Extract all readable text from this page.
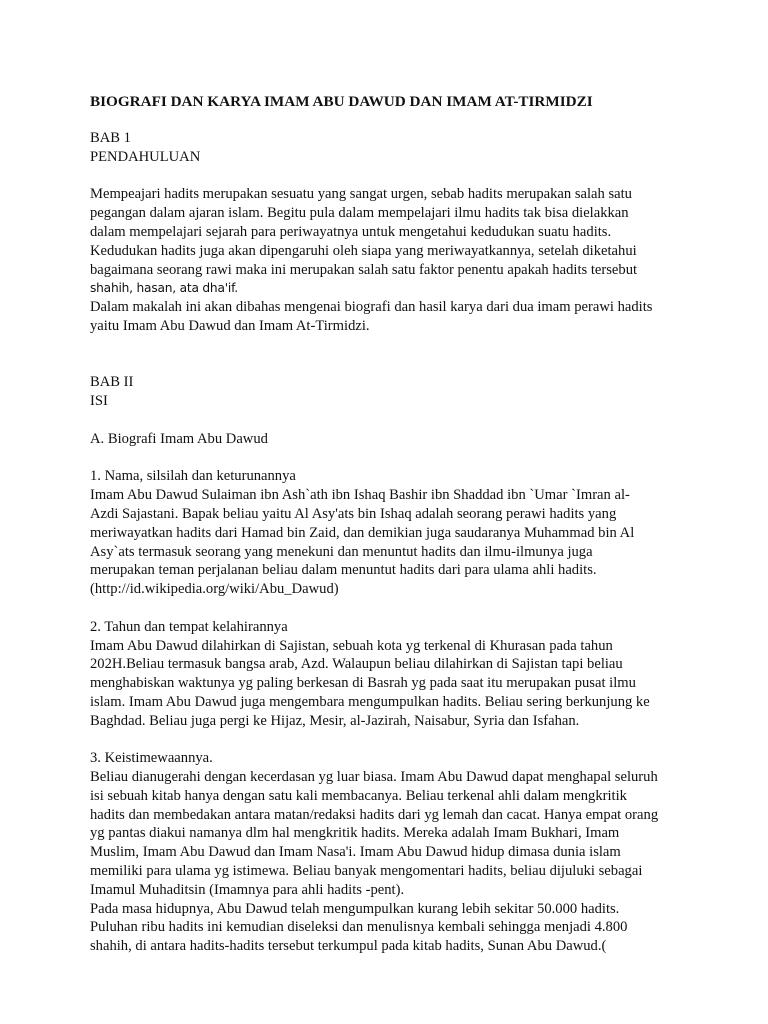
BIOGRAFI DAN KARYA IMAM ABU DAWUD DAN IMAM AT-TIRMIDZI
BAB 1
PENDAHULUAN
Mempeajari hadits merupakan sesuatu yang sangat urgen, sebab hadits merupakan salah satu
pegangan dalam ajaran islam. Begitu pula dalam mempelajari ilmu hadits tak bisa dielakkan
dalam mempelajari sejarah para periwayatnya untuk mengetahui kedudukan suatu hadits.
Kedudukan hadits juga akan dipengaruhi oleh siapa yang meriwayatkannya, setelah diketahui
bagaimana seorang rawi maka ini merupakan salah satu faktor penentu apakah hadits tersebut
shahih, hasan, ata dha'if.
Dalam makalah ini akan dibahas mengenai biografi dan hasil karya dari dua imam perawi hadits
yaitu Imam Abu Dawud dan Imam At-Tirmidzi.
BAB II
ISI
A. Biografi Imam Abu Dawud
1. Nama, silsilah dan keturunannya
Imam Abu Dawud Sulaiman ibn Ash`ath ibn Ishaq Bashir ibn Shaddad ibn `Umar `Imran al-
Azdi Sajastani. Bapak beliau yaitu Al Asy'ats bin Ishaq adalah seorang perawi hadits yang
meriwayatkan hadits dari Hamad bin Zaid, dan demikian juga saudaranya Muhammad bin Al
Asy`ats termasuk seorang yang menekuni dan menuntut hadits dan ilmu-ilmunya juga
merupakan teman perjalanan beliau dalam menuntut hadits dari para ulama ahli hadits.
(http://id.wikipedia.org/wiki/Abu_Dawud)
2. Tahun dan tempat kelahirannya
Imam Abu Dawud dilahirkan di Sajistan, sebuah kota yg terkenal di Khurasan pada tahun
202H.Beliau termasuk bangsa arab, Azd. Walaupun beliau dilahirkan di Sajistan tapi beliau
menghabiskan waktunya yg paling berkesan di Basrah yg pada saat itu merupakan pusat ilmu
islam. Imam Abu Dawud juga mengembara mengumpulkan hadits. Beliau sering berkunjung ke
Baghdad. Beliau juga pergi ke Hijaz, Mesir, al-Jazirah, Naisabur, Syria dan Isfahan.
3. Keistimewaannya.
Beliau dianugerahi dengan kecerdasan yg luar biasa. Imam Abu Dawud dapat menghapal seluruh
isi sebuah kitab hanya dengan satu kali membacanya. Beliau terkenal ahli dalam mengkritik
hadits dan membedakan antara matan/redaksi hadits dari yg lemah dan cacat. Hanya empat orang
yg pantas diakui namanya dlm hal mengkritik hadits. Mereka adalah Imam Bukhari, Imam
Muslim, Imam Abu Dawud dan Imam Nasa'i. Imam Abu Dawud hidup dimasa dunia islam
memiliki para ulama yg istimewa. Beliau banyak mengomentari hadits, beliau dijuluki sebagai
Imamul Muhaditsin (Imamnya para ahli hadits -pent).
Pada masa hidupnya, Abu Dawud telah mengumpulkan kurang lebih sekitar 50.000 hadits.
Puluhan ribu hadits ini kemudian diseleksi dan menulisnya kembali sehingga menjadi 4.800
shahih, di antara hadits-hadits tersebut terkumpul pada kitab hadits, Sunan Abu Dawud.(
